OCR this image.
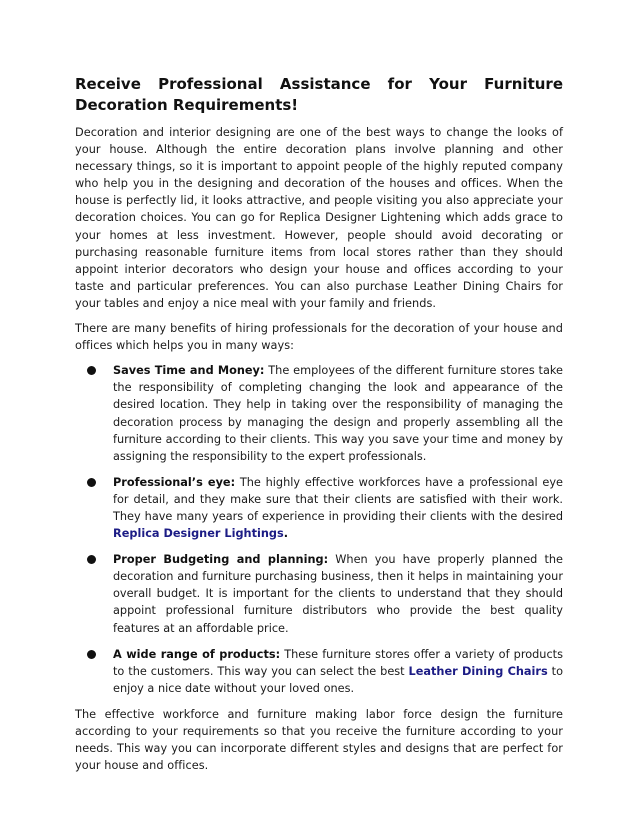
Receive Professional Assistance for Your Furniture Decoration Requirements!

Decoration and interior designing are one of the best ways to change the looks of your house. Although the entire decoration plans involve planning and other necessary things, so it is important to appoint people of the highly reputed company who help you in the designing and decoration of the houses and offices. When the house is perfectly lid, it looks attractive, and people visiting you also appreciate your decoration choices. You can go for Replica Designer Lightening which adds grace to your homes at less investment. However, people should avoid decorating or purchasing reasonable furniture items from local stores rather than they should appoint interior decorators who design your house and offices according to your taste and particular preferences. You can also purchase Leather Dining Chairs for your tables and enjoy a nice meal with your family and friends.

There are many benefits of hiring professionals for the decoration of your house and offices which helps you in many ways:

Saves Time and Money: The employees of the different furniture stores take the responsibility of completing changing the look and appearance of the desired location. They help in taking over the responsibility of managing the decoration process by managing the design and properly assembling all the furniture according to their clients. This way you save your time and money by assigning the responsibility to the expert professionals.
Professional’s eye: The highly effective workforces have a professional eye for detail, and they make sure that their clients are satisfied with their work. They have many years of experience in providing their clients with the desired Replica Designer Lightings.
Proper Budgeting and planning: When you have properly planned the decoration and furniture purchasing business, then it helps in maintaining your overall budget. It is important for the clients to understand that they should appoint professional furniture distributors who provide the best quality features at an affordable price.
A wide range of products: These furniture stores offer a variety of products to the customers. This way you can select the best Leather Dining Chairs to enjoy a nice date without your loved ones.

The effective workforce and furniture making labor force design the furniture according to your requirements so that you receive the furniture according to your needs. This way you can incorporate different styles and designs that are perfect for your house and offices.
